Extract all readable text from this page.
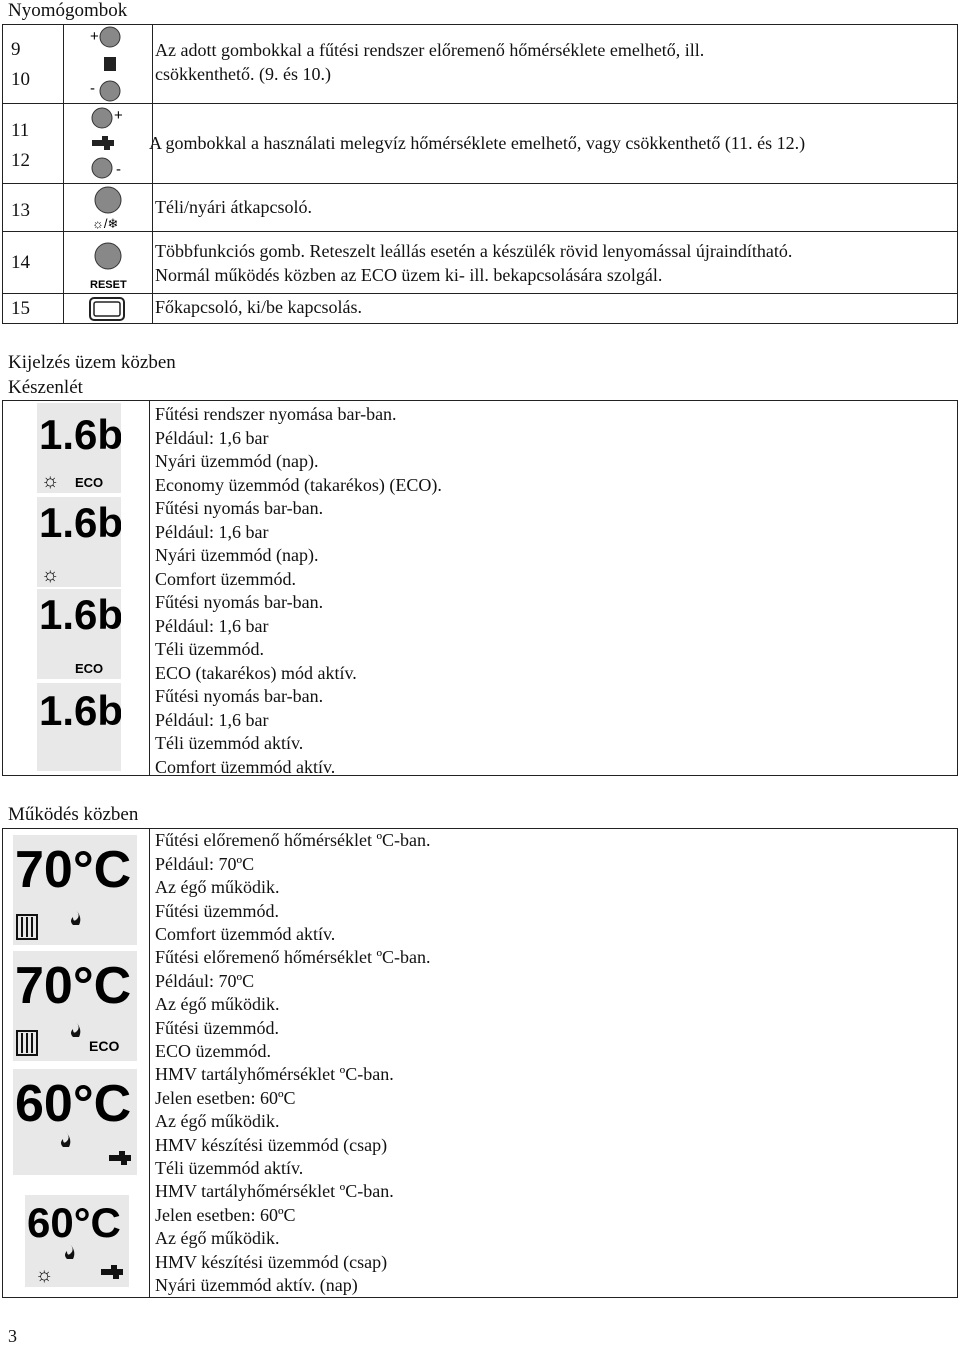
Nyomógombok
9
10
+
-
Az adott gombokkal a fűtési rendszer előremenő hőmérséklete emelhető, ill.
csökkenthető. (9. és 10.)
11
12
+
-
A gombokkal a használati melegvíz hőmérséklete emelhető, vagy csökkenthető (11. és 12.)
13
☼/❄
Téli/nyári átkapcsoló.
14
RESET
Többfunkciós gomb. Reteszelt leállás esetén a készülék rövid lenyomással újraindítható.
Normál működés közben az ECO üzem ki- ill. bekapcsolására szolgál.
15	Főkapcsoló, ki/be kapcsolás.
Kijelzés üzem közben
Készenlét
1.6b
☼ ECO
Fűtési rendszer nyomása bar-ban.
Például: 1,6 bar
Nyári üzemmód (nap).
Economy üzemmód (takarékos) (ECO).
1.6b
☼
Fűtési nyomás bar-ban.
Például: 1,6 bar
Nyári üzemmód (nap).
Comfort üzemmód.
1.6b
ECO
Fűtési nyomás bar-ban.
Például: 1,6 bar
Téli üzemmód.
ECO (takarékos) mód aktív.
1.6b Fűtési nyomás bar-ban.
Például: 1,6 bar
Téli üzemmód aktív.
Comfort üzemmód aktív.
Működés közben
70°C
Fűtési előremenő hőmérséklet ºC-ban.
Például: 70ºC
Az égő működik.
Fűtési üzemmód.
Comfort üzemmód aktív.
70°C
ECO
Fűtési előremenő hőmérséklet ºC-ban.
Például: 70ºC
Az égő működik.
Fűtési üzemmód.
ECO üzemmód.
60°C
HMV tartályhőmérséklet ºC-ban.
Jelen esetben: 60ºC
Az égő működik.
HMV készítési üzemmód (csap)
Téli üzemmód aktív.
60°C
☼
HMV tartályhőmérséklet ºC-ban.
Jelen esetben: 60ºC
Az égő működik.
HMV készítési üzemmód (csap)
Nyári üzemmód aktív. (nap)
3
